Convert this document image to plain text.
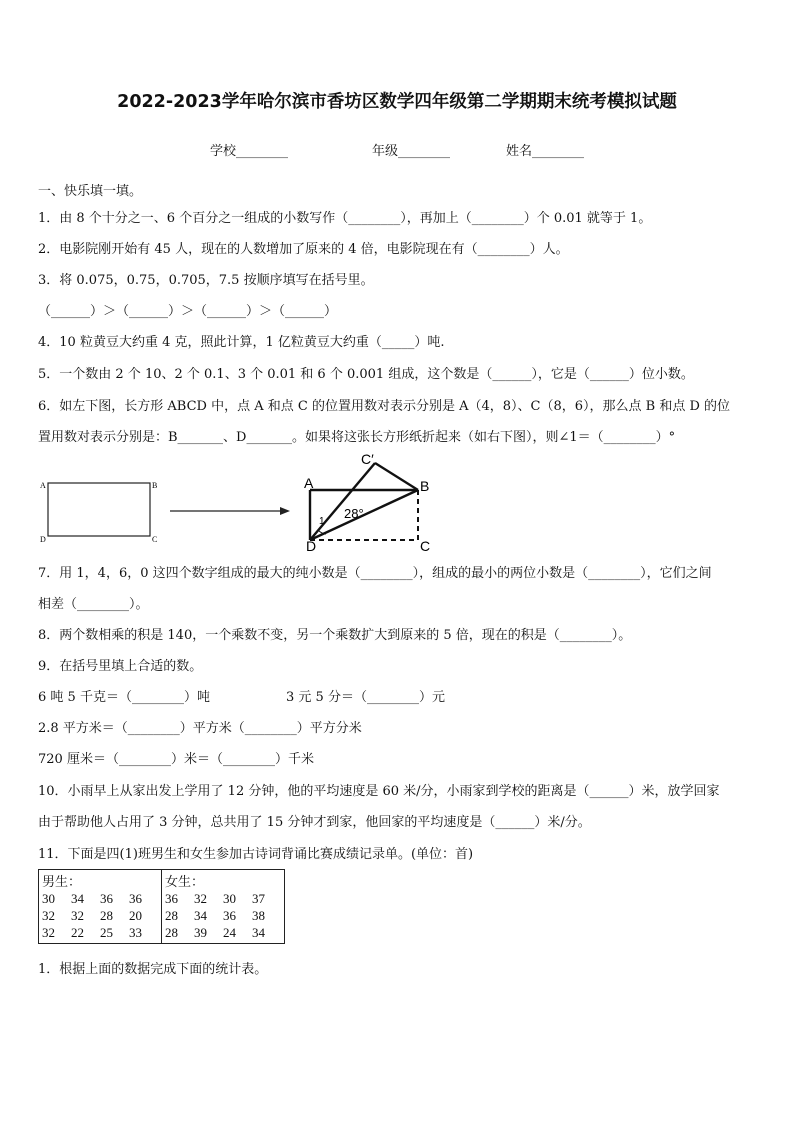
2022-2023学年哈尔滨市香坊区数学四年级第二学期期末统考模拟试题
学校________	年级________	姓名________
一、快乐填一填。
1．由 8 个十分之一、6 个百分之一组成的小数写作（________），再加上（________）个 0.01 就等于 1。
2．电影院刚开始有 45 人，现在的人数增加了原来的 4 倍，电影院现在有（________）人。
3．将 0.075，0.75，0.705，7.5 按顺序填写在括号里。
（______）＞（______）＞（______）＞（______）
4．10 粒黄豆大约重 4 克，照此计算，1 亿粒黄豆大约重（_____）吨.
5．一个数由 2 个 10、2 个 0.1、3 个 0.01 和 6 个 0.001 组成，这个数是（______），它是（______）位小数。
6．如左下图，长方形 ABCD 中，点 A 和点 C 的位置用数对表示分别是 A（4，8）、C（8，6），那么点 B 和点 D 的位
置用数对表示分别是：B_______、D_______。如果将这张长方形纸折起来（如右下图），则∠1＝（________）°
A	B
C
D
A	B
C
D
C′
28°
1
7．用 1，4，6，0 这四个数字组成的最大的纯小数是（________），组成的最小的两位小数是（________），它们之间
相差（________）。
8．两个数相乘的积是 140，一个乘数不变，另一个乘数扩大到原来的 5 倍，现在的积是（________）。
9．在括号里填上合适的数。
6 吨 5 千克＝（________）吨	3 元 5 分＝（________）元
2.8 平方米＝（________）平方米（________）平方分米
720 厘米＝（________）米＝（________）千米
10．小雨早上从家出发上学用了 12 分钟，他的平均速度是 60 米/分，小雨家到学校的距离是（______）米，放学回家
由于帮助他人占用了 3 分钟，总共用了 15 分钟才到家，他回家的平均速度是（______）米/分。
11．下面是四(1)班男生和女生参加古诗词背诵比赛成绩记录单。(单位：首)
男生：
30	34	36	36
32	32	28	20
32	22	25	33

女生：
36	32	30	37
28	34	36	38
28	39	24	34
1．根据上面的数据完成下面的统计表。
